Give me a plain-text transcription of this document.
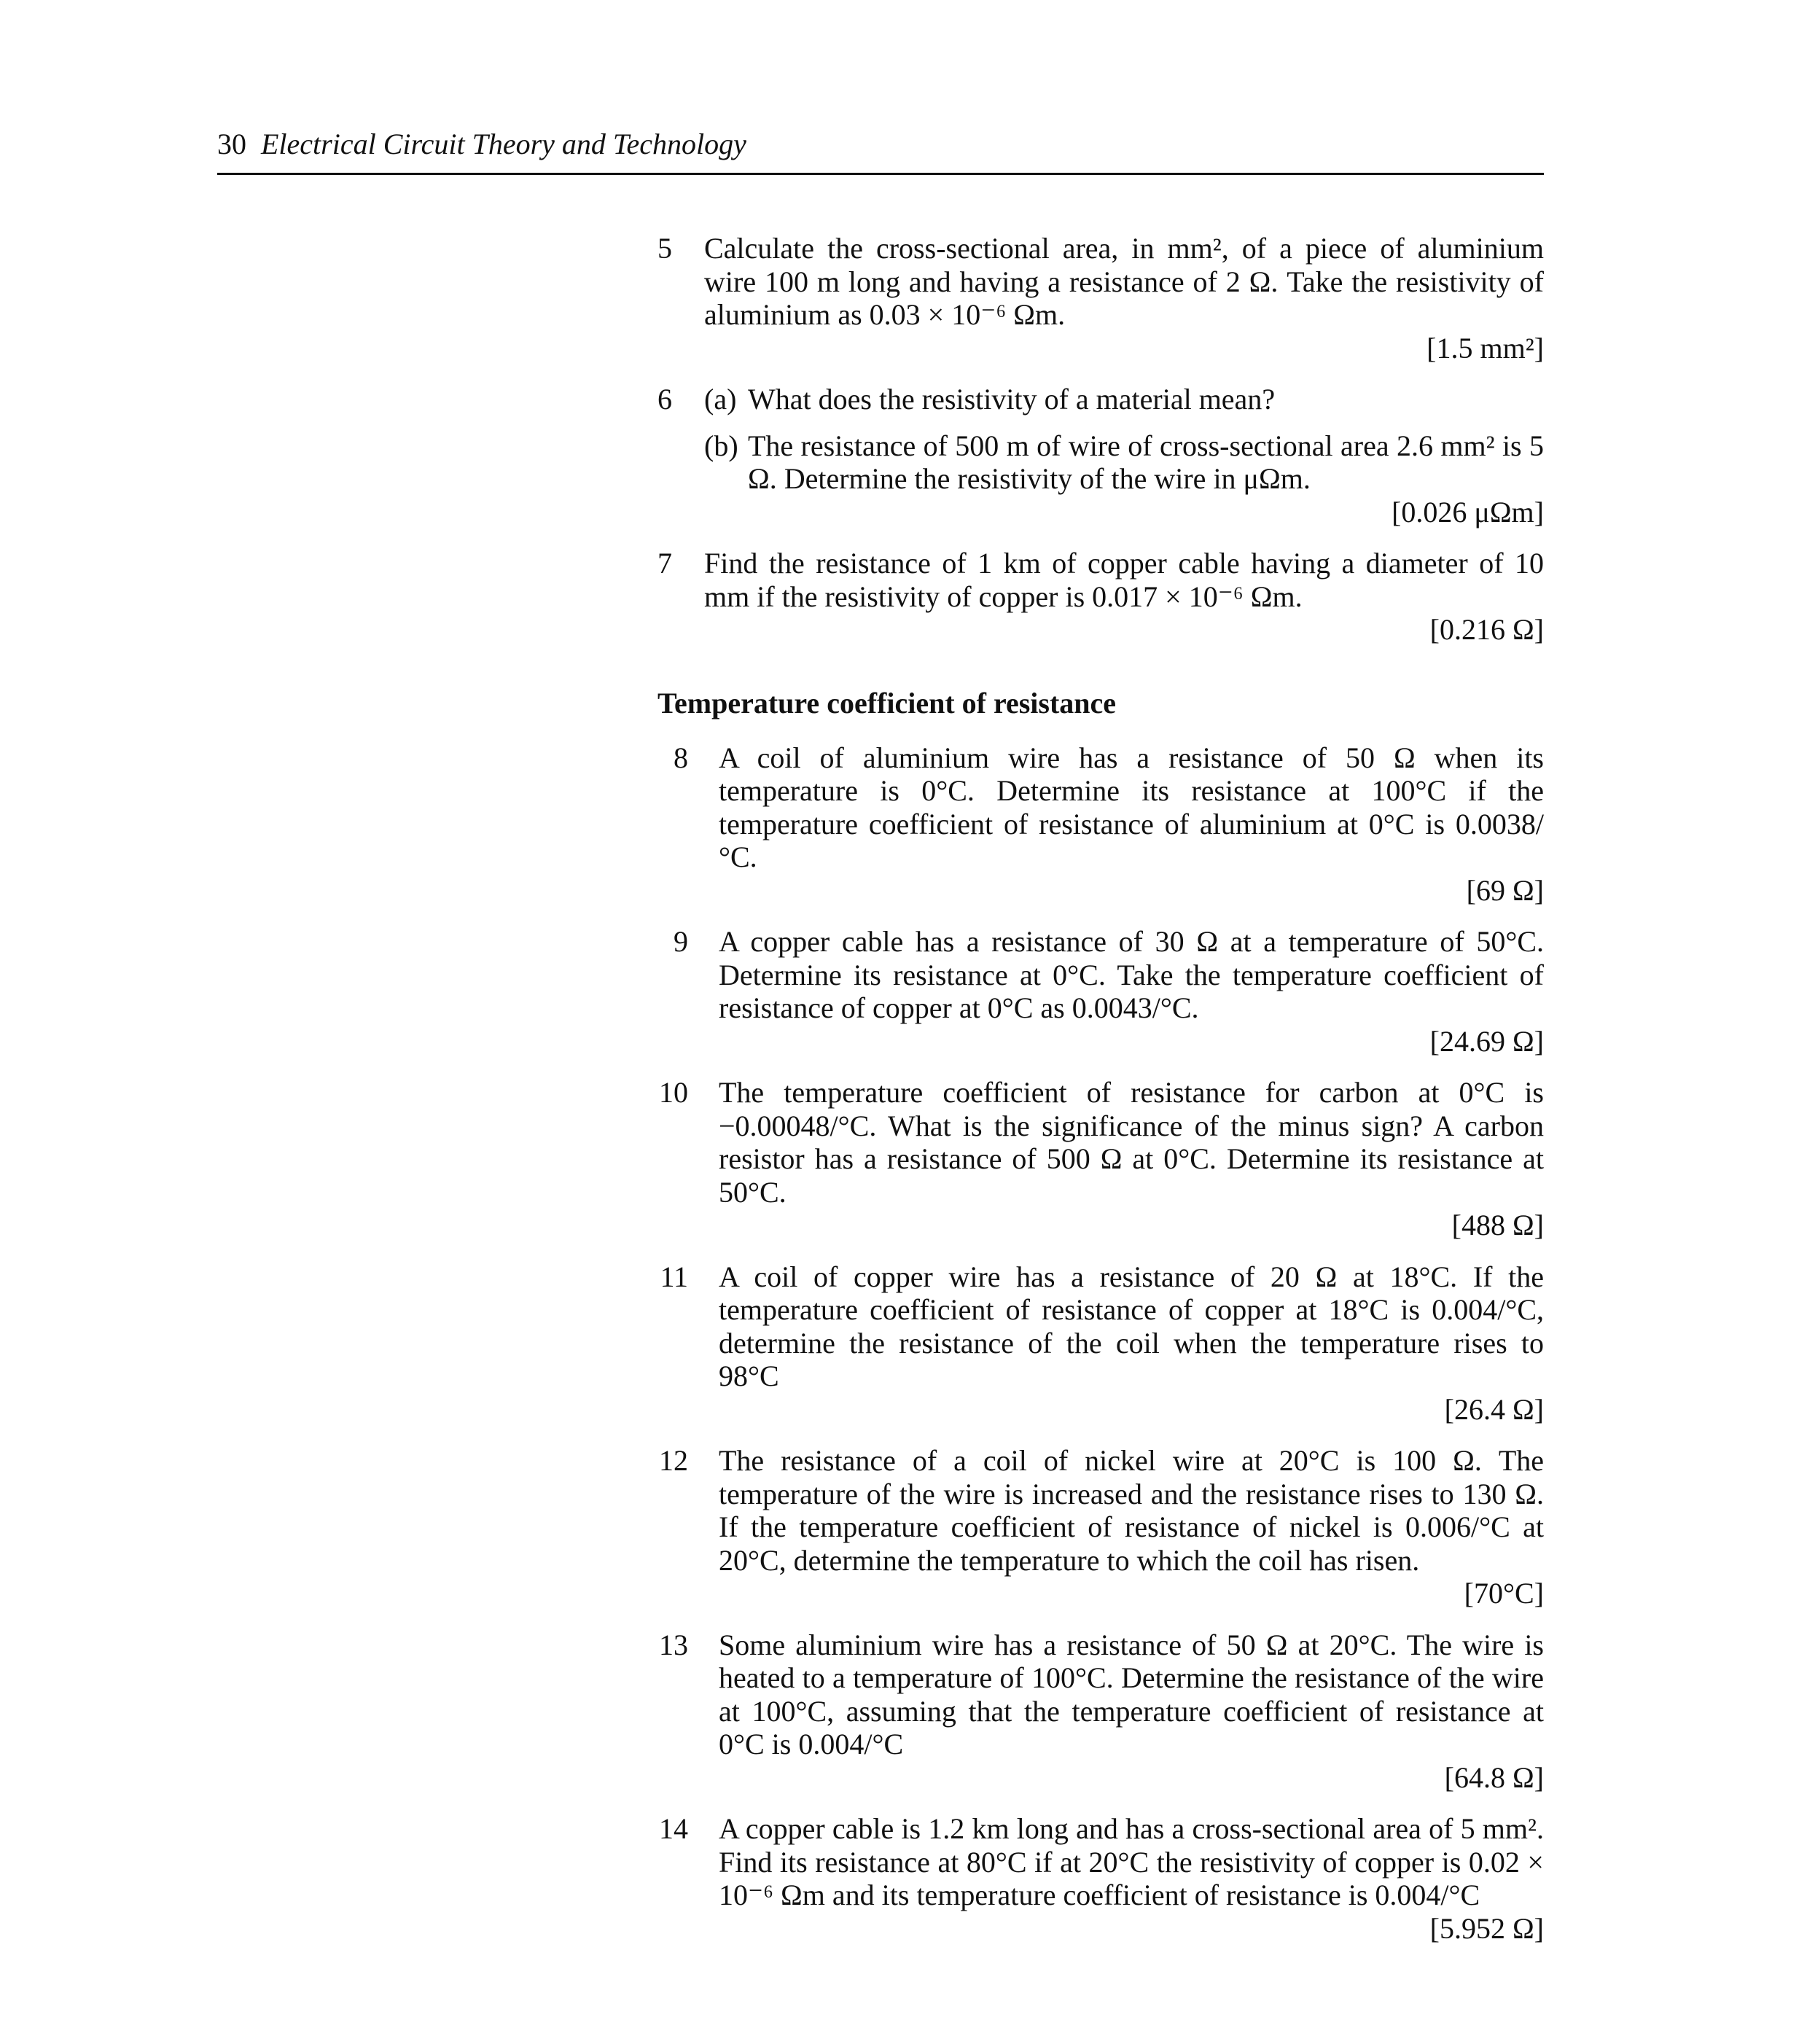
30 Electrical Circuit Theory and Technology
5 Calculate the cross-sectional area, in mm², of a piece of aluminium wire 100 m long and having a resistance of 2 Ω. Take the resistivity of aluminium as 0.03 × 10⁻⁶ Ωm.
[1.5 mm²]
6 (a) What does the resistivity of a material mean?
(b) The resistance of 500 m of wire of cross-sectional area 2.6 mm² is 5 Ω. Determine the resistivity of the wire in μΩm.
[0.026 μΩm]
7 Find the resistance of 1 km of copper cable having a diameter of 10 mm if the resistivity of copper is 0.017 × 10⁻⁶ Ωm.
[0.216 Ω]
Temperature coefficient of resistance
8 A coil of aluminium wire has a resistance of 50 Ω when its temperature is 0°C. Determine its resistance at 100°C if the temperature coefficient of resistance of aluminium at 0°C is 0.0038/°C.
[69 Ω]
9 A copper cable has a resistance of 30 Ω at a temperature of 50°C. Determine its resistance at 0°C. Take the temperature coefficient of resistance of copper at 0°C as 0.0043/°C.
[24.69 Ω]
10 The temperature coefficient of resistance for carbon at 0°C is −0.00048/°C. What is the significance of the minus sign? A carbon resistor has a resistance of 500 Ω at 0°C. Determine its resistance at 50°C.
[488 Ω]
11 A coil of copper wire has a resistance of 20 Ω at 18°C. If the temperature coefficient of resistance of copper at 18°C is 0.004/°C, determine the resistance of the coil when the temperature rises to 98°C
[26.4 Ω]
12 The resistance of a coil of nickel wire at 20°C is 100 Ω. The temperature of the wire is increased and the resistance rises to 130 Ω. If the temperature coefficient of resistance of nickel is 0.006/°C at 20°C, determine the temperature to which the coil has risen.
[70°C]
13 Some aluminium wire has a resistance of 50 Ω at 20°C. The wire is heated to a temperature of 100°C. Determine the resistance of the wire at 100°C, assuming that the temperature coefficient of resistance at 0°C is 0.004/°C
[64.8 Ω]
14 A copper cable is 1.2 km long and has a cross-sectional area of 5 mm². Find its resistance at 80°C if at 20°C the resistivity of copper is 0.02 × 10⁻⁶ Ωm and its temperature coefficient of resistance is 0.004/°C
[5.952 Ω]
